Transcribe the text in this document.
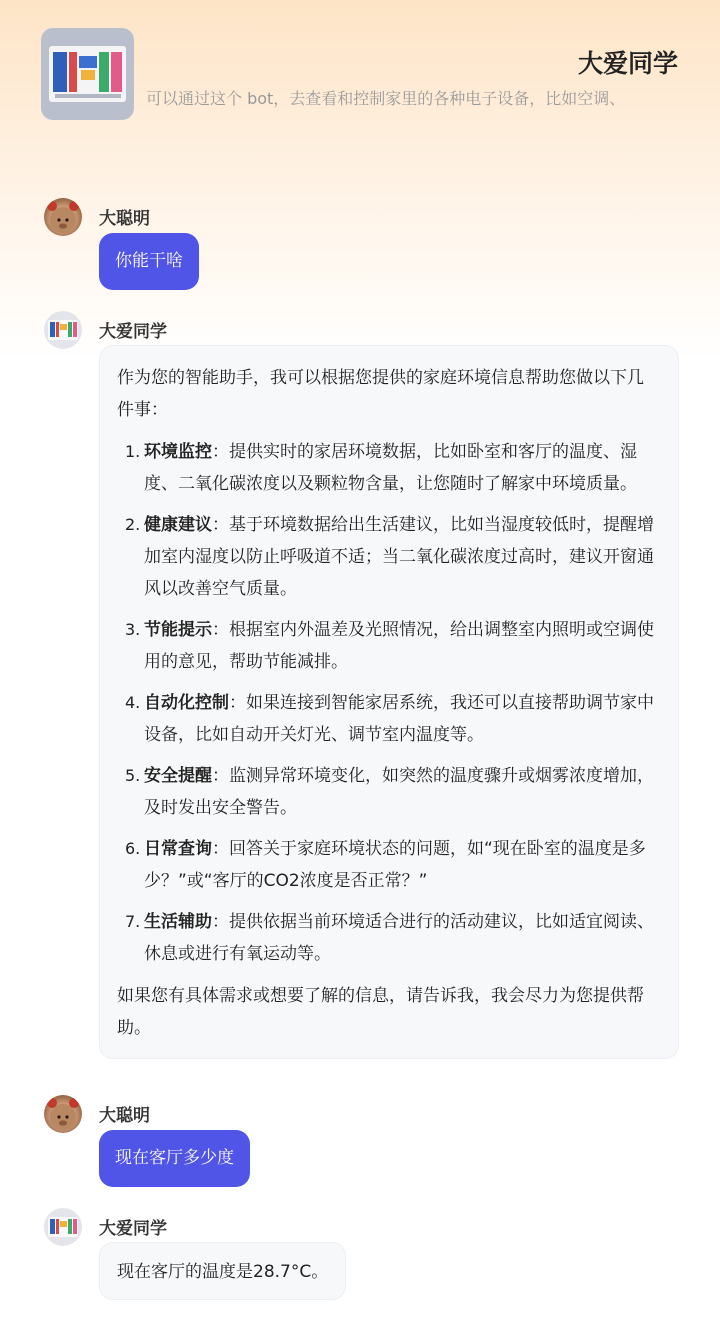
大爱同学
可以通过这个 bot，去查看和控制家里的各种电子设备，比如空调、
大聪明
你能干啥
大爱同学
作为您的智能助手，我可以根据您提供的家庭环境信息帮助您做以下几件事：
1. 环境监控：提供实时的家居环境数据，比如卧室和客厅的温度、湿度、二氧化碳浓度以及颗粒物含量，让您随时了解家中环境质量。
2. 健康建议：基于环境数据给出生活建议，比如当湿度较低时，提醒增加室内湿度以防止呼吸道不适；当二氧化碳浓度过高时，建议开窗通风以改善空气质量。
3. 节能提示：根据室内外温差及光照情况，给出调整室内照明或空调使用的意见，帮助节能减排。
4. 自动化控制：如果连接到智能家居系统，我还可以直接帮助调节家中设备，比如自动开关灯光、调节室内温度等。
5. 安全提醒：监测异常环境变化，如突然的温度骤升或烟雾浓度增加，及时发出安全警告。
6. 日常查询：回答关于家庭环境状态的问题，如“现在卧室的温度是多少？”或“客厅的CO2浓度是否正常？”
7. 生活辅助：提供依据当前环境适合进行的活动建议，比如适宜阅读、休息或进行有氧运动等。
如果您有具体需求或想要了解的信息，请告诉我，我会尽力为您提供帮助。
大聪明
现在客厅多少度
大爱同学
现在客厅的温度是28.7°C。
